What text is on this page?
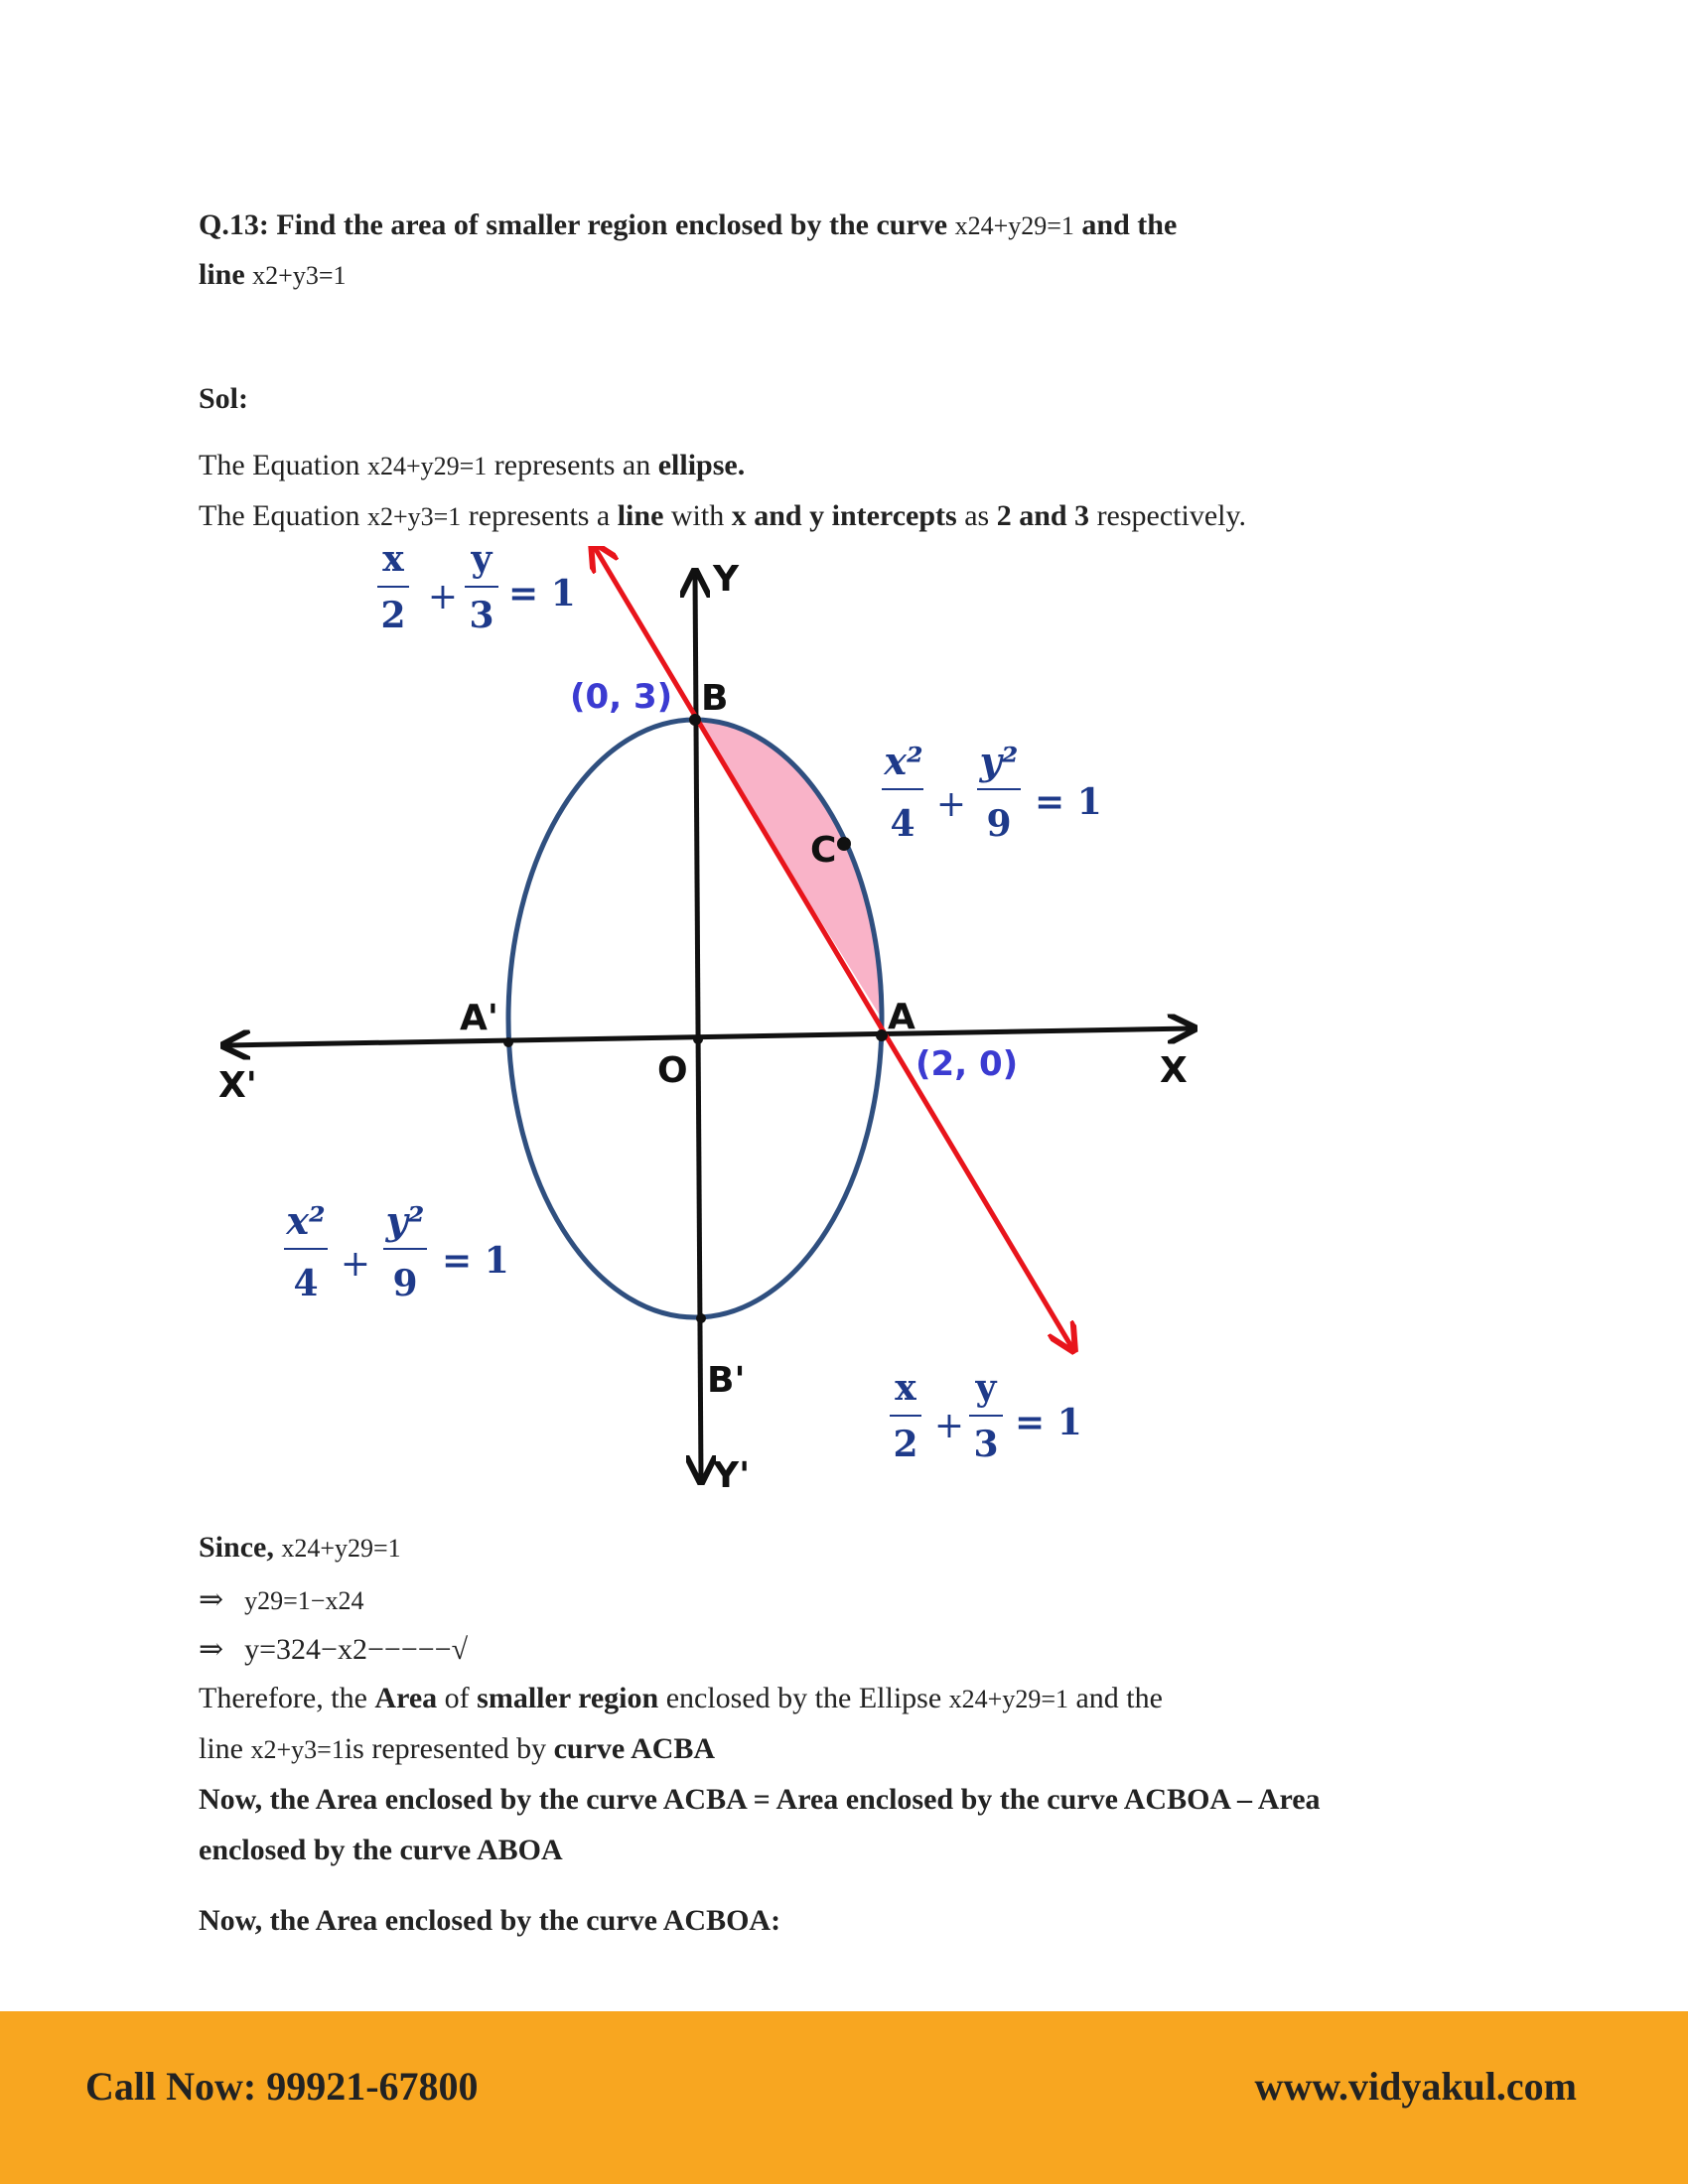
Q.13: Find the area of smaller region enclosed by the curve x24+y29=1 and the
line x2+y3=1
Sol:
The Equation x24+y29=1 represents an ellipse.
The Equation x2+y3=1 represents a line with x and y intercepts as 2 and 3 respectively.
Y
B
C
A
A'
O	X
X'
B'
Y'
(0, 3)
(2, 0)
x
2 +
y
3
= 1
x²
4 +
y²
9
= 1
x²
4 +
y²
9
= 1
x
2 +
y
3
= 1
Since, x24+y29=1
⇒ y29=1−x24
⇒ y=324−x2−−−−−√
Therefore, the Area of smaller region enclosed by the Ellipse x24+y29=1 and the
line x2+y3=1is represented by curve ACBA
Now, the Area enclosed by the curve ACBA = Area enclosed by the curve ACBOA – Area
enclosed by the curve ABOA
Now, the Area enclosed by the curve ACBOA:
Call Now: 99921-67800	www.vidyakul.com
